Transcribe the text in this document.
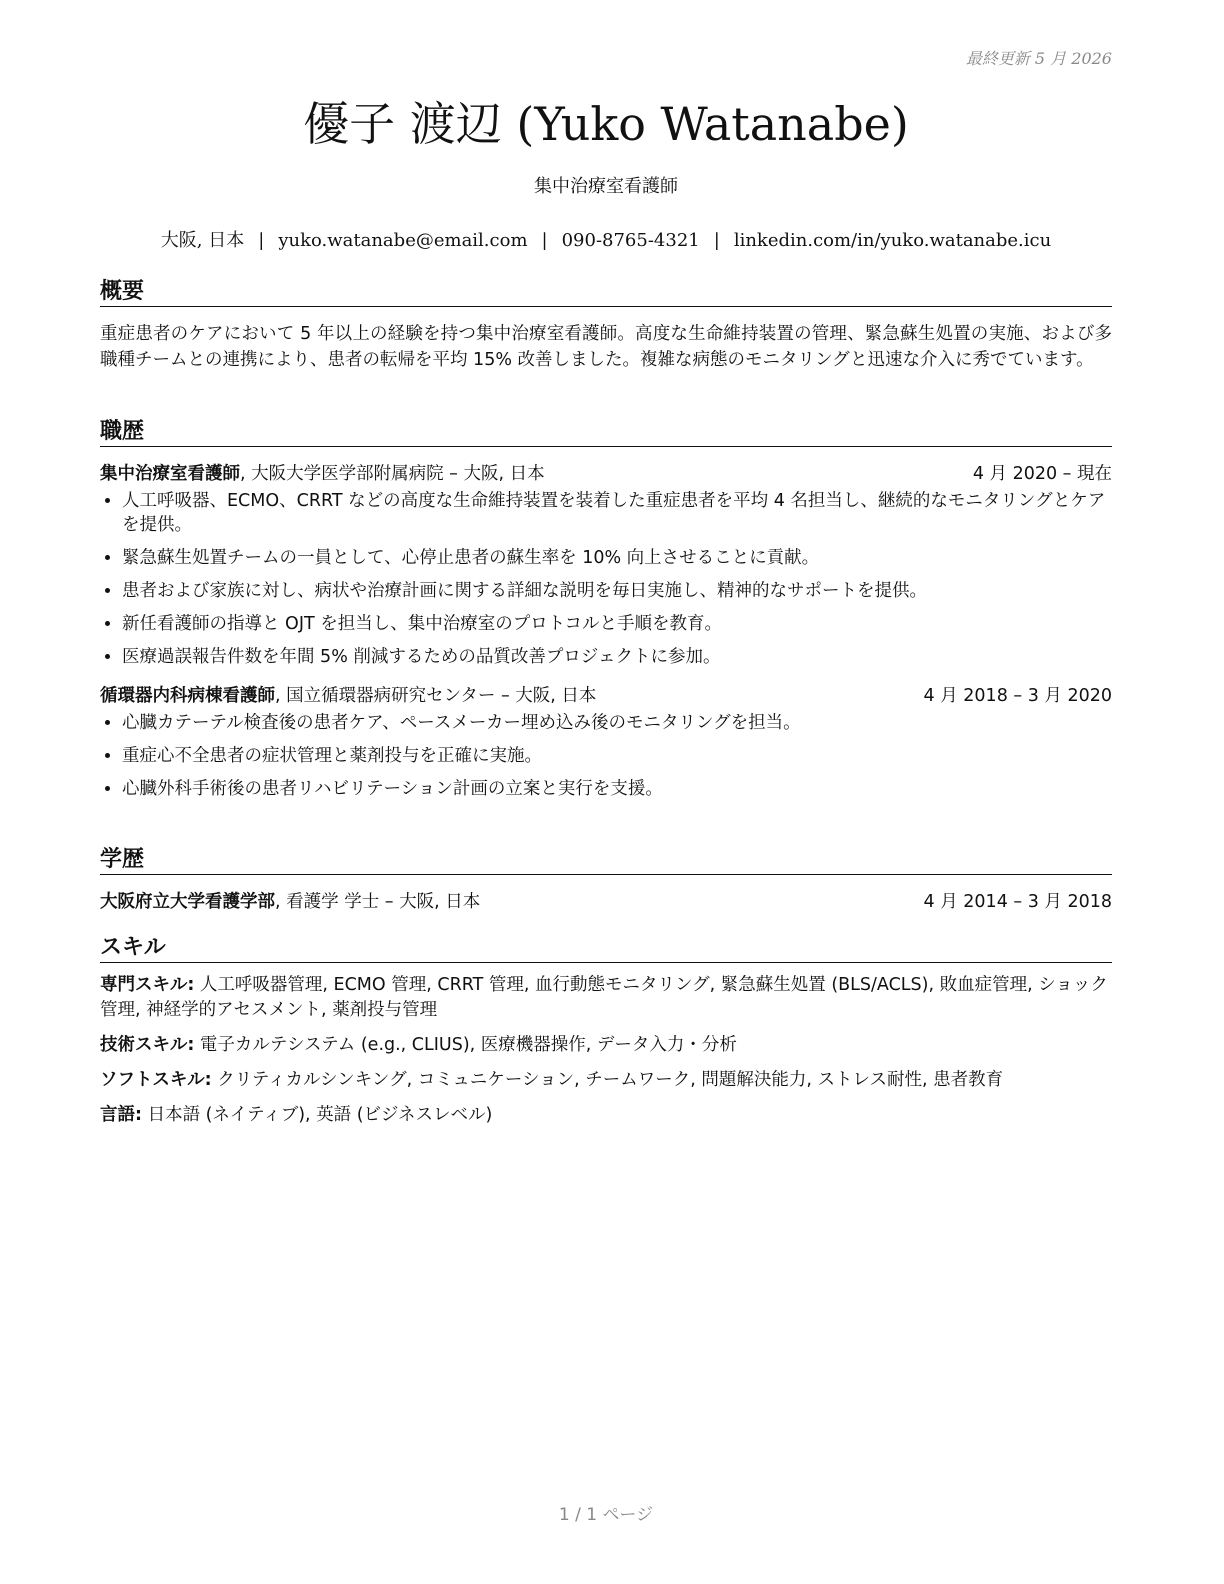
最終更新 5 月 2026
優子 渡辺 (Yuko Watanabe)
集中治療室看護師
大阪, 日本 | yuko.watanabe@email.com | 090-8765-4321 | linkedin.com/in/yuko.watanabe.icu
概要
重症患者のケアにおいて 5 年以上の経験を持つ集中治療室看護師。高度な生命維持装置の管理、緊急蘇生処置の実施、および多職種チームとの連携により、患者の転帰を平均 15% 改善しました。複雑な病態のモニタリングと迅速な介入に秀でています。
職歴
集中治療室看護師, 大阪大学医学部附属病院 – 大阪, 日本	4 月 2020 – 現在
• 人工呼吸器、ECMO、CRRT などの高度な生命維持装置を装着した重症患者を平均 4 名担当し、継続的なモニタリングとケアを提供。
• 緊急蘇生処置チームの一員として、心停止患者の蘇生率を 10% 向上させることに貢献。
• 患者および家族に対し、病状や治療計画に関する詳細な説明を毎日実施し、精神的なサポートを提供。
• 新任看護師の指導と OJT を担当し、集中治療室のプロトコルと手順を教育。
• 医療過誤報告件数を年間 5% 削減するための品質改善プロジェクトに参加。
循環器内科病棟看護師, 国立循環器病研究センター – 大阪, 日本	4 月 2018 – 3 月 2020
• 心臓カテーテル検査後の患者ケア、ペースメーカー埋め込み後のモニタリングを担当。
• 重症心不全患者の症状管理と薬剤投与を正確に実施。
• 心臓外科手術後の患者リハビリテーション計画の立案と実行を支援。
学歴
大阪府立大学看護学部, 看護学 学士 – 大阪, 日本	4 月 2014 – 3 月 2018
スキル
専門スキル: 人工呼吸器管理, ECMO 管理, CRRT 管理, 血行動態モニタリング, 緊急蘇生処置 (BLS/ACLS), 敗血症管理, ショック管理, 神経学的アセスメント, 薬剤投与管理
技術スキル: 電子カルテシステム (e.g., CLIUS), 医療機器操作, データ入力・分析
ソフトスキル: クリティカルシンキング, コミュニケーション, チームワーク, 問題解決能力, ストレス耐性, 患者教育
言語: 日本語 (ネイティブ), 英語 (ビジネスレベル)
1 / 1 ページ
